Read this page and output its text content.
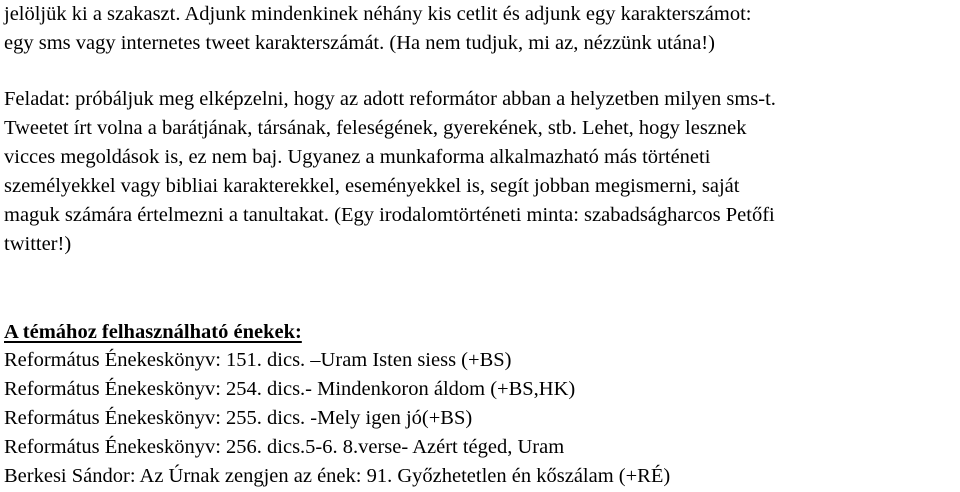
jelöljük ki a szakaszt. Adjunk mindenkinek néhány kis cetlit és adjunk egy karakterszámot:
egy sms vagy internetes tweet karakterszámát. (Ha nem tudjuk, mi az, nézzünk utána!)
Feladat: próbáljuk meg elképzelni, hogy az adott reformátor abban a helyzetben milyen sms-t.
Tweetet írt volna a barátjának, társának, feleségének, gyerekének, stb. Lehet, hogy lesznek
vicces megoldások is, ez nem baj. Ugyanez a munkaforma alkalmazható más történeti
személyekkel vagy bibliai karakterekkel, eseményekkel is, segít jobban megismerni, saját
maguk számára értelmezni a tanultakat. (Egy irodalomtörténeti minta: szabadságharcos Petőfi
twitter!)
A témához felhasználható énekek:
Református Énekeskönyv: 151. dics. –Uram Isten siess (+BS)
Református Énekeskönyv: 254. dics.- Mindenkoron áldom (+BS,HK)
Református Énekeskönyv: 255. dics. -Mely igen jó(+BS)
Református Énekeskönyv: 256. dics.5-6. 8.verse- Azért téged, Uram
Berkesi Sándor: Az Úrnak zengjen az ének: 91. Győzhetetlen én kőszálam (+RÉ)
